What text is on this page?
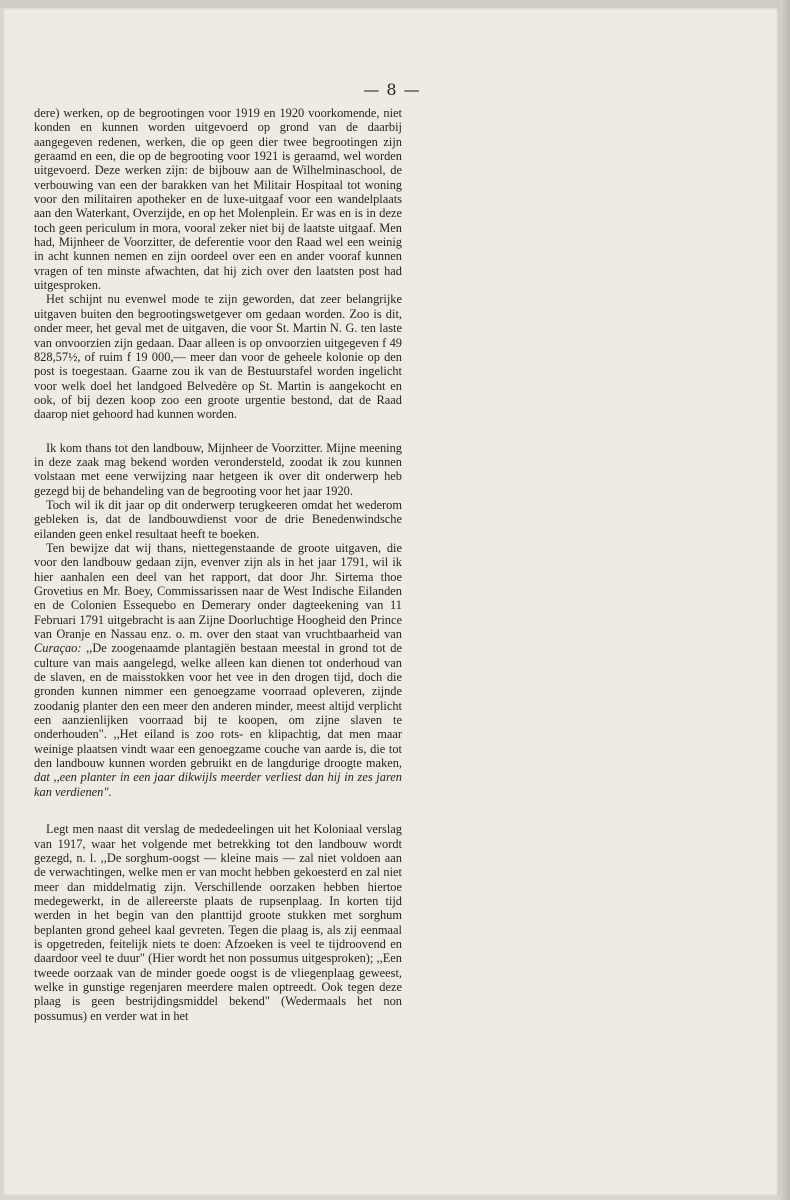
— 8 —

dere) werken, op de begrootingen voor 1919 en 1920 voorkomende, niet konden en kunnen worden uitgevoerd op grond van de daarbij aangegeven redenen, werken, die op geen dier twee begrootingen zijn geraamd en een, die op de begrooting voor 1921 is geraamd, wel worden uitgevoerd. Deze werken zijn: de bijbouw aan de Wilhelminaschool, de verbouwing van een der barakken van het Militair Hospitaal tot woning voor den militairen apotheker en de luxe-uitgaaf voor een wandelplaats aan den Waterkant, Overzijde, en op het Molenplein. Er was en is in deze toch geen periculum in mora, vooral zeker niet bij de laatste uitgaaf. Men had, Mijnheer de Voorzitter, de deferentie voor den Raad wel een weinig in acht kunnen nemen en zijn oordeel over een en ander vooraf kunnen vragen of ten minste afwachten, dat hij zich over den laatsten post had uitgesproken.

Het schijnt nu evenwel mode te zijn geworden, dat zeer belangrijke uitgaven buiten den begrootingswetgever om gedaan worden. Zoo is dit, onder meer, het geval met de uitgaven, die voor St. Martin N. G. ten laste van onvoorzien zijn gedaan. Daar alleen is op onvoorzien uitgegeven f 49 828,57½, of ruim f 19 000,— meer dan voor de geheele kolonie op den post is toegestaan. Gaarne zou ik van de Bestuurstafel worden ingelicht voor welk doel het landgoed Belvedère op St. Martin is aangekocht en ook, of bij dezen koop zoo een groote urgentie bestond, dat de Raad daarop niet gehoord had kunnen worden.

Ik kom thans tot den landbouw, Mijnheer de Voorzitter. Mijne meening in deze zaak mag bekend worden verondersteld, zoodat ik zou kunnen volstaan met eene verwijzing naar hetgeen ik over dit onderwerp heb gezegd bij de behandeling van de begrooting voor het jaar 1920.

Toch wil ik dit jaar op dit onderwerp terugkeeren omdat het wederom gebleken is, dat de landbouwdienst voor de drie Benedenwindsche eilanden geen enkel resultaat heeft te boeken.

Ten bewijze dat wij thans, niettegenstaande de groote uitgaven, die voor den landbouw gedaan zijn, evenver zijn als in het jaar 1791, wil ik hier aanhalen een deel van het rapport, dat door Jhr. Sirtema thoe Grovetius en Mr. Boey, Commissarissen naar de West Indische Eilanden en de Colonien Essequebo en Demerary onder dagteekening van 11 Februari 1791 uitgebracht is aan Zijne Doorluchtige Hoogheid den Prince van Oranje en Nassau enz. o. m. over den staat van vruchtbaarheid van Curaçao: ,,De zoogenaamde plantagiën bestaan meestal in grond tot de culture van mais aangelegd, welke alleen kan dienen tot onderhoud van de slaven, en de maisstokken voor het vee in den drogen tijd, doch die gronden kunnen nimmer een genoegzame voorraad opleveren, zijnde zoodanig planter den een meer den anderen minder, meest altijd verplicht een aanzienlijken voorraad bij te koopen, om zijne slaven te onderhouden". ,,Het eiland is zoo rots- en klipachtig, dat men maar weinige plaatsen vindt waar een genoegzame couche van aarde is, die tot den landbouw kunnen worden gebruikt en de langdurige droogte maken, dat ,,een planter in een jaar dikwijls meerder verliest dan hij in zes jaren kan verdienen".

Legt men naast dit verslag de mededeelingen uit het Koloniaal verslag van 1917, waar het volgende met betrekking tot den landbouw wordt gezegd, n. l. ,,De sorghum-oogst — kleine mais — zal niet voldoen aan de verwachtingen, welke men er van mocht hebben gekoesterd en zal niet meer dan middelmatig zijn. Verschillende oorzaken hebben hiertoe medegewerkt, in de allereerste plaats de rupsenplaag. In korten tijd werden in het begin van den planttijd groote stukken met sorghum beplanten grond geheel kaal gevreten. Tegen die plaag is, als zij eenmaal is opgetreden, feitelijk niets te doen: Afzoeken is veel te tijdroovend en daardoor veel te duur" (Hier wordt het non possumus uitgesproken); ,,Een tweede oorzaak van de minder goede oogst is de vliegenplaag geweest, welke in gunstige regenjaren meerdere malen optreedt. Ook tegen deze plaag is geen bestrijdingsmiddel bekend" (Wedermaals het non possumus) en verder wat in het
